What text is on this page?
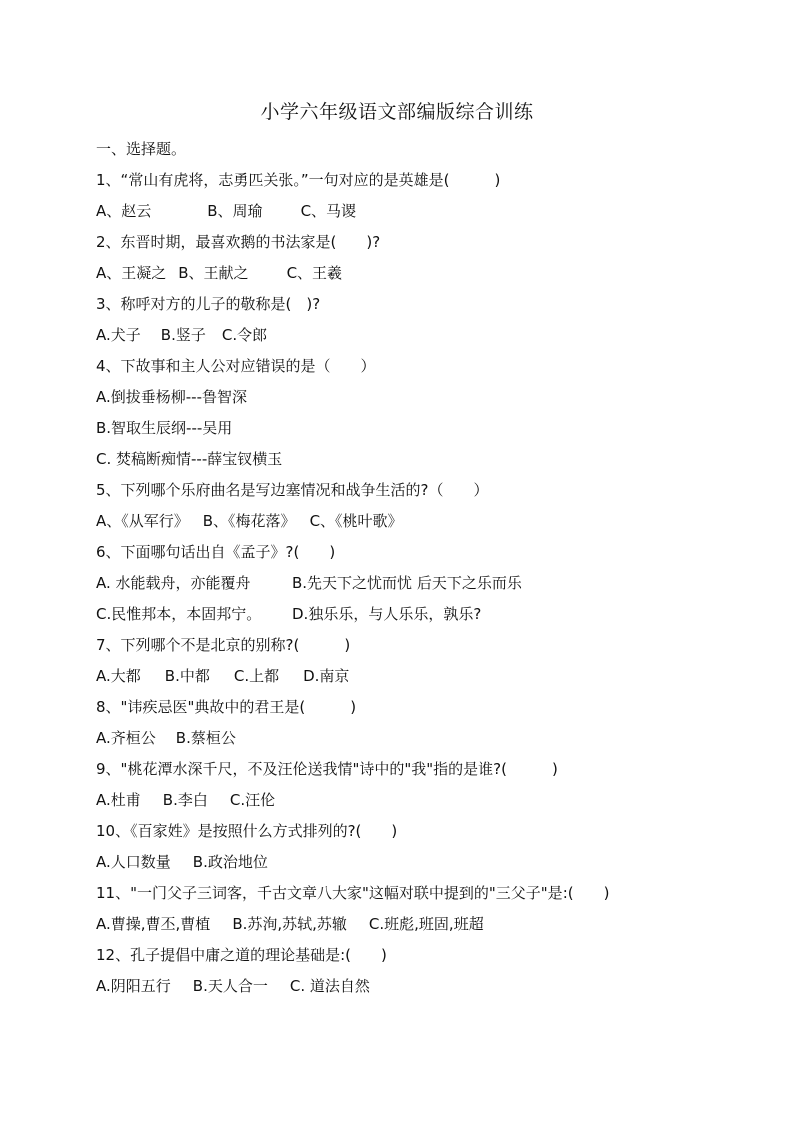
小学六年级语文部编版综合训练
一、选择题。
1、“常山有虎将，志勇匹关张。”一句对应的是英雄是(　　　)
A、赵云	B、周瑜	C、马谡
2、东晋时期，最喜欢鹅的书法家是(　　)?
A、王凝之 B、王献之	C、王羲
3、称呼对方的儿子的敬称是(　)?
A.犬子 B.竖子 C.令郎
4、下故事和主人公对应错误的是（　　）
A.倒拔垂杨柳---鲁智深
B.智取生辰纲---吴用
C. 焚稿断痴情---薛宝钗横玉
5、下列哪个乐府曲名是写边塞情况和战争生活的?（　　）
A、《从军行》 B、《梅花落》 C、《桃叶歌》
6、下面哪句话出自《孟子》?(　　)
A. 水能载舟，亦能覆舟	B.先天下之忧而忧 后天下之乐而乐
C.民惟邦本，本固邦宁。	D.独乐乐，与人乐乐，孰乐?
7、下列哪个不是北京的别称?(　　　)
A.大都 B.中都 C.上都 D.南京
8、"讳疾忌医"典故中的君王是(　　　)
A.齐桓公 B.蔡桓公
9、"桃花潭水深千尺，不及汪伦送我情"诗中的"我"指的是谁?(　　　)
A.杜甫 B.李白 C.汪伦
10、《百家姓》是按照什么方式排列的?(　　)
A.人口数量 B.政治地位
11、"一门父子三词客，千古文章八大家"这幅对联中提到的"三父子"是:(　　)
A.曹操,曹丕,曹植 B.苏洵,苏轼,苏辙 C.班彪,班固,班超
12、孔子提倡中庸之道的理论基础是:(　　)
A.阴阳五行 B.天人合一 C. 道法自然
